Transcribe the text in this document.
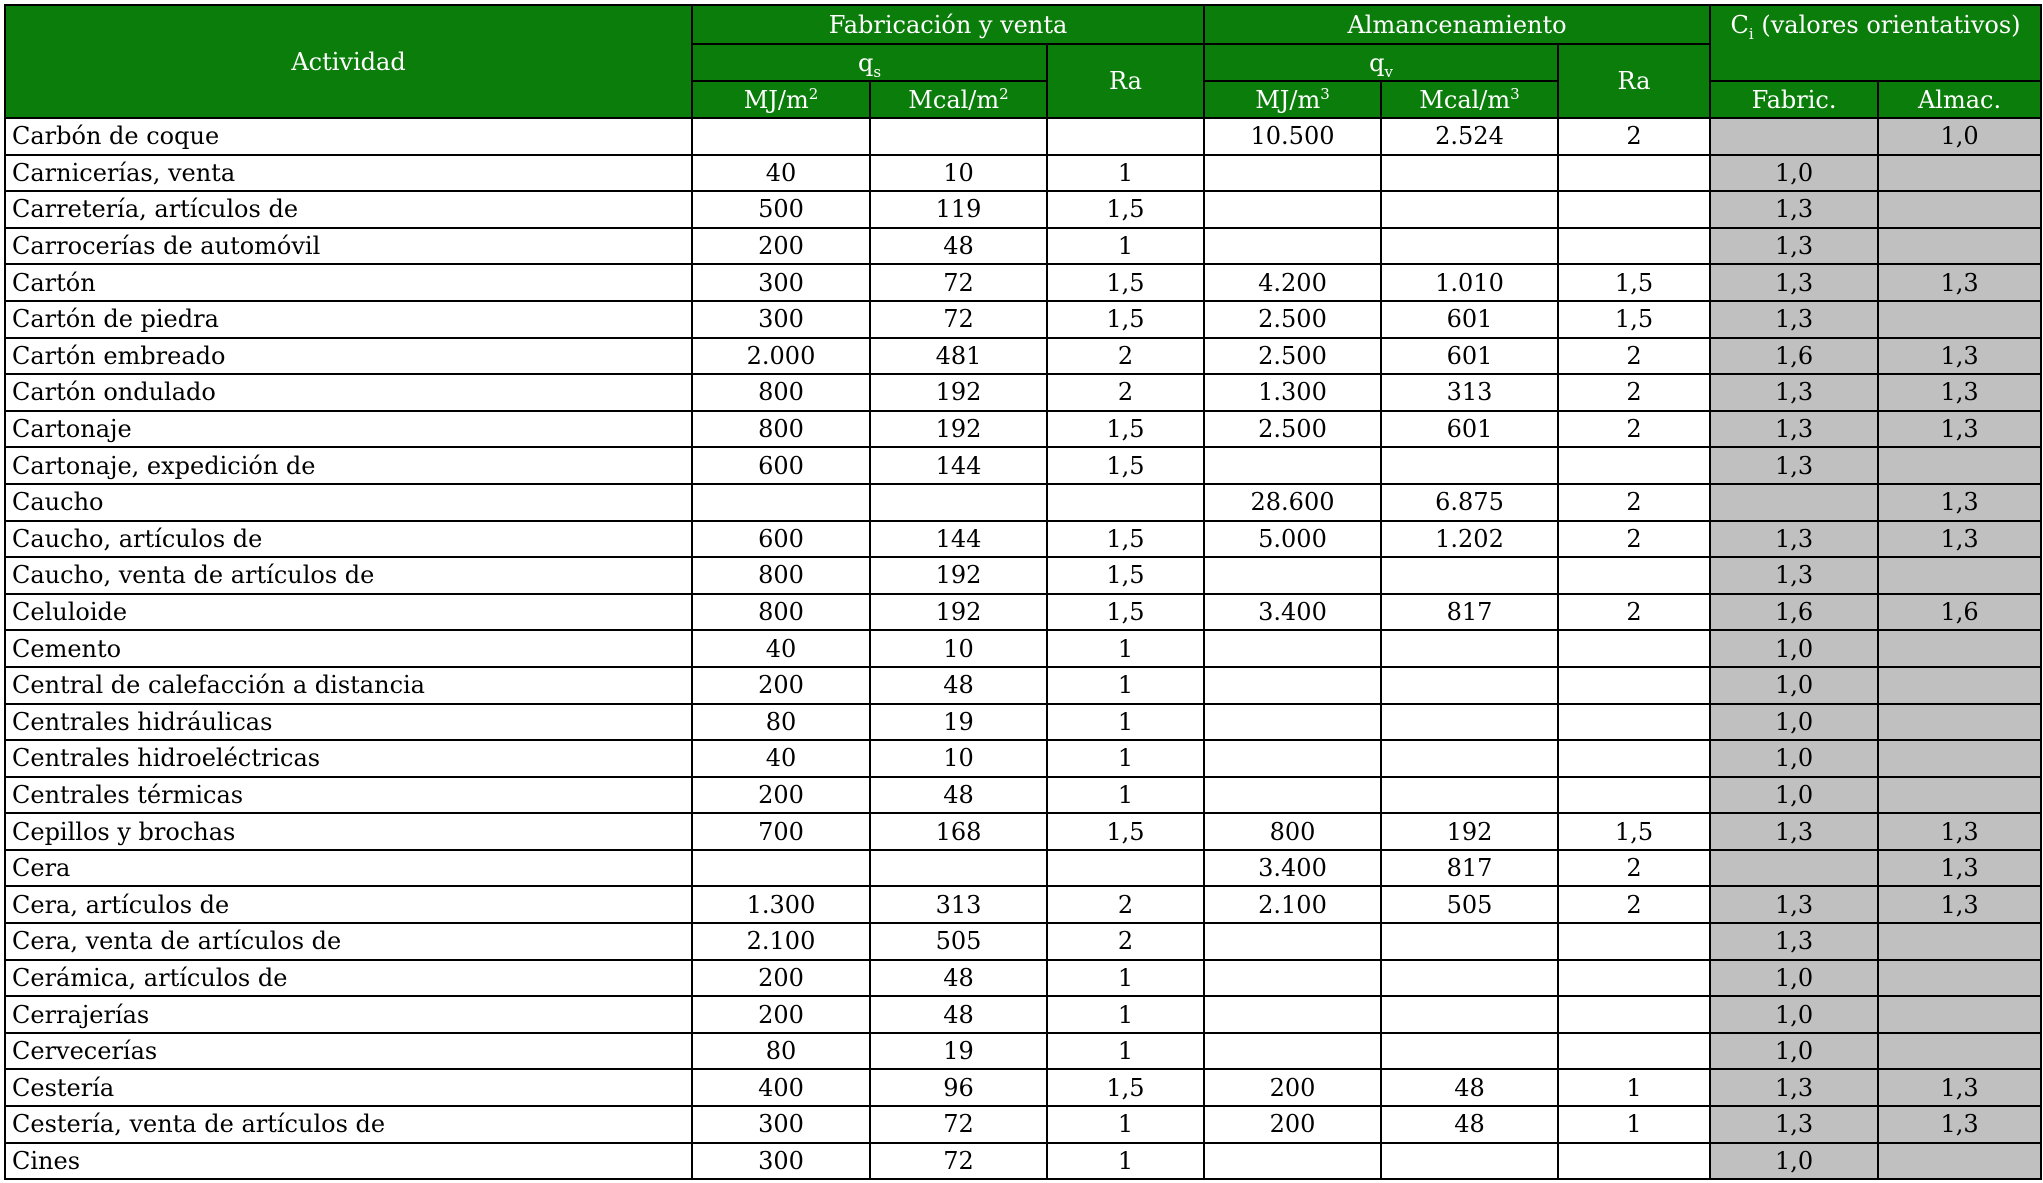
Actividad	Fabricación y venta			Almancenamiento			$C_i$ (valores orientativos)	
	$q_s$		Ra	$q_v$		Ra		
	$MJ/m^2$	Mcal/$m^2$		$MJ/m^3$	Mcal/$m^3$		Fabric.	Almac.
Carbón de coque				10.500	2.524	2		1,0
Carnicerías, venta	40	10	1				1,0	
Carretería, artículos de	500	119	1,5				1,3	
Carrocerías de automóvil	200	48	1				1,3	
Cartón	300	72	1,5	4.200	1.010	1,5	1,3	1,3
Cartón de piedra	300	72	1,5	2.500	601	1,5	1,3	
Cartón embreado	2.000	481	2	2.500	601	2	1,6	1,3
Cartón ondulado	800	192	2	1.300	313	2	1,3	1,3
Cartonaje	800	192	1,5	2.500	601	2	1,3	1,3
Cartonaje, expedición de	600	144	1,5				1,3	
Caucho				28.600	6.875	2		1,3
Caucho, artículos de	600	144	1,5	5.000	1.202	2	1,3	1,3
Caucho, venta de artículos de	800	192	1,5				1,3	
Celuloide	800	192	1,5	3.400	817	2	1,6	1,6
Cemento	40	10	1				1,0	
Central de calefacción a distancia	200	48	1				1,0	
Centrales hidráulicas	80	19	1				1,0	
Centrales hidroeléctricas	40	10	1				1,0	
Centrales térmicas	200	48	1				1,0	
Cepillos y brochas	700	168	1,5	800	192	1,5	1,3	1,3
Cera				3.400	817	2		1,3
Cera, artículos de	1.300	313	2	2.100	505	2	1,3	1,3
Cera, venta de artículos de	2.100	505	2				1,3	
Cerámica, artículos de	200	48	1				1,0	
Cerrajerías	200	48	1				1,0	
Cervecerías	80	19	1				1,0	
Cestería	400	96	1,5	200	48	1	1,3	1,3
Cestería, venta de artículos de	300	72	1	200	48	1	1,3	1,3
Cines	300	72	1				1,0	
